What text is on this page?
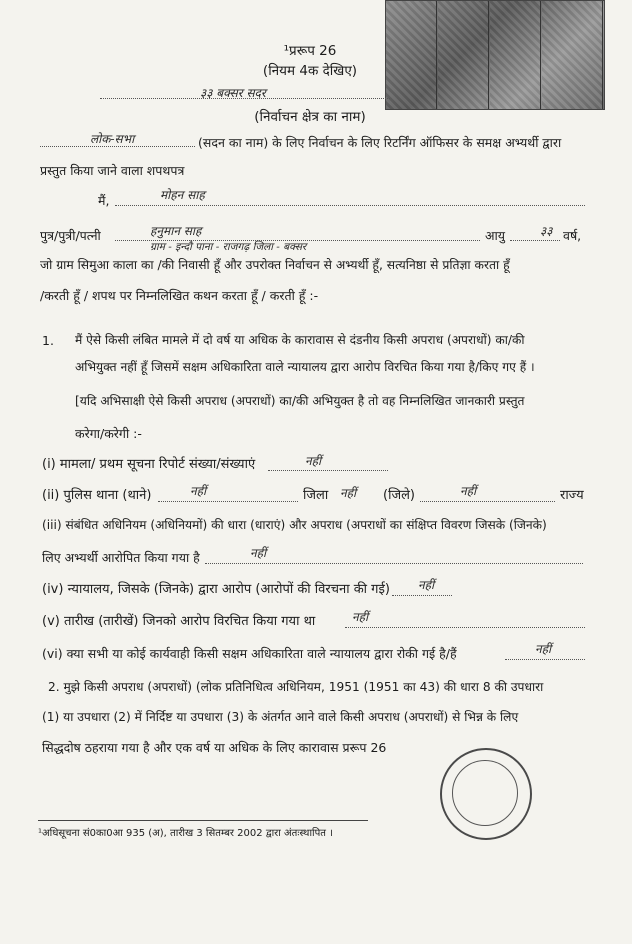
¹प्ररूप 26
(नियम 4क देखिए)
३३ बक्सर सदर
(निर्वाचन क्षेत्र का नाम)
लोक-सभा	(सदन का नाम) के लिए निर्वाचन के लिए रिटर्निंग ऑफिसर के समक्ष अभ्यर्थी द्वारा
प्रस्तुत किया जाने वाला शपथपत्र
मैं,	मोहन साह
पुत्र/पुत्री/पत्नी	हनुमान साह	आयु	३३ वर्ष,
ग्राम - इन्दौ पाना - राजगढ़ जिला - बक्सर
जो ग्राम सिमुआ काला का /की निवासी हूँ और उपरोक्त निर्वाचन से अभ्यर्थी हूँ, सत्यनिष्ठा से प्रतिज्ञा करता हूँ
/करती हूँ / शपथ पर निम्नलिखित कथन करता हूँ / करती हूँ :-
1. मैं ऐसे किसी लंबित मामले में दो वर्ष या अधिक के कारावास से दंडनीय किसी अपराध (अपराधों) का/की
अभियुक्त नहीं हूँ जिसमें सक्षम अधिकारिता वाले न्यायालय द्वारा आरोप विरचित किया गया है/किए गए हैं ।
[यदि अभिसाक्षी ऐसे किसी अपराध (अपराधों) का/की अभियुक्त है तो वह निम्नलिखित जानकारी प्रस्तुत
करेगा/करेगी :-
(i) मामला/ प्रथम सूचना रिपोर्ट संख्या/संख्याएं	नहीं
(ii) पुलिस थाना (थाने)	नहीं	जिला नहीं (जिले)	नहीं	राज्य
(iii) संबंधित अधिनियम (अधिनियमों) की धारा (धाराएं) और अपराध (अपराधों का संक्षिप्त विवरण जिसके (जिनके)
लिए अभ्यर्थी आरोपित किया गया है	नहीं
(iv) न्यायालय, जिसके (जिनके) द्वारा आरोप (आरोपों की विरचना की गई) नहीं
(v) तारीख (तारीखें) जिनको आरोप विरचित किया गया था	नहीं
(vi) क्या सभी या कोई कार्यवाही किसी सक्षम अधिकारिता वाले न्यायालय द्वारा रोकी गई है/हैं	नहीं
2. मुझे किसी अपराध (अपराधों) (लोक प्रतिनिधित्व अधिनियम, 1951 (1951 का 43) की धारा 8 की उपधारा
(1) या उपधारा (2) में निर्दिष्ट या उपधारा (3) के अंतर्गत आने वाले किसी अपराध (अपराधों) से भिन्न के लिए
सिद्धदोष ठहराया गया है और एक वर्ष या अधिक के लिए कारावास प्ररूप 26
¹अधिसूचना सं0का0आ 935 (अ), तारीख 3 सितम्बर 2002 द्वारा अंतःस्थापित ।
